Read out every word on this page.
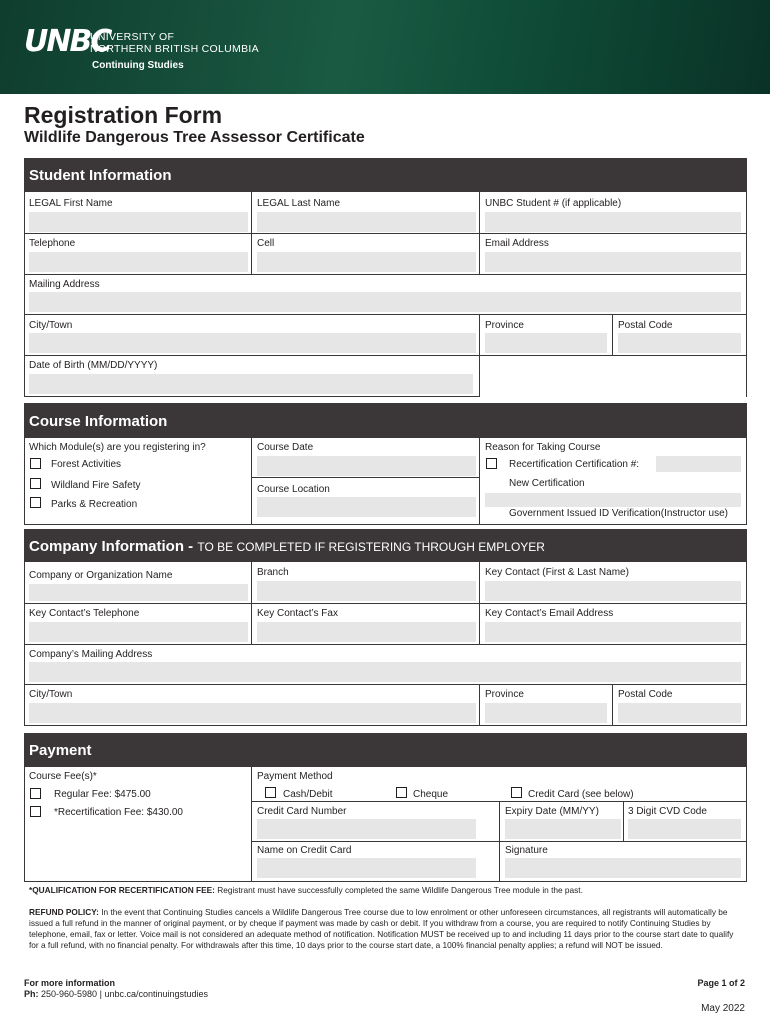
UNBC
UNIVERSITY OF
NORTHERN BRITISH COLUMBIA
Continuing Studies
Registration Form
Wildlife Dangerous Tree Assessor Certificate
Student Information
LEGAL First Name	LEGAL Last Name	UNBC Student # (if applicable)
Telephone	Cell	Email Address
Mailing Address
City/Town	Province	Postal Code
Date of Birth (MM/DD/YYYY)
Course Information
Which Module(s) are you registering in?
Forest Activities
Wildland Fire Safety
Parks & Recreation
Course Date
Course Location
Reason for Taking Course
Recertification Certification #:
New Certification
Government Issued ID Verification(Instructor use)
Company Information - TO BE COMPLETED IF REGISTERING THROUGH EMPLOYER
Company or Organization Name	Branch	Key Contact (First & Last Name)
Key Contact’s Telephone	Key Contact’s Fax	Key Contact’s Email Address
Company’s Mailing Address
City/Town	Province	Postal Code
Payment
Course Fee(s)*
Regular Fee: $475.00
*Recertification Fee: $430.00
Payment Method
Cash/Debit	Cheque	Credit Card (see below)
Credit Card Number	Expiry Date (MM/YY)	3 Digit CVD Code
Name on Credit Card	Signature
*QUALIFICATION FOR RECERTIFICATION FEE: Registrant must have successfully completed the same Wildlife Dangerous Tree module in the past.
REFUND POLICY: In the event that Continuing Studies cancels a Wildlife Dangerous Tree course due to low enrolment or other unforeseen circumstances, all registrants will automatically be issued a full refund in the manner of original payment, or by cheque if payment was made by cash or debit. If you withdraw from a course, you are required to notify Continuing Studies by telephone, email, fax or letter. Voice mail is not considered an adequate method of notification. Notification MUST be received up to and including 11 days prior to the course start date to qualify for a full refund, with no financial penalty. For withdrawals after this time, 10 days prior to the course start date, a 100% financial penalty applies; a refund will NOT be issued.
For more information
Ph: 250-960-5980 | unbc.ca/continuingstudies
Page 1 of 2
May 2022
